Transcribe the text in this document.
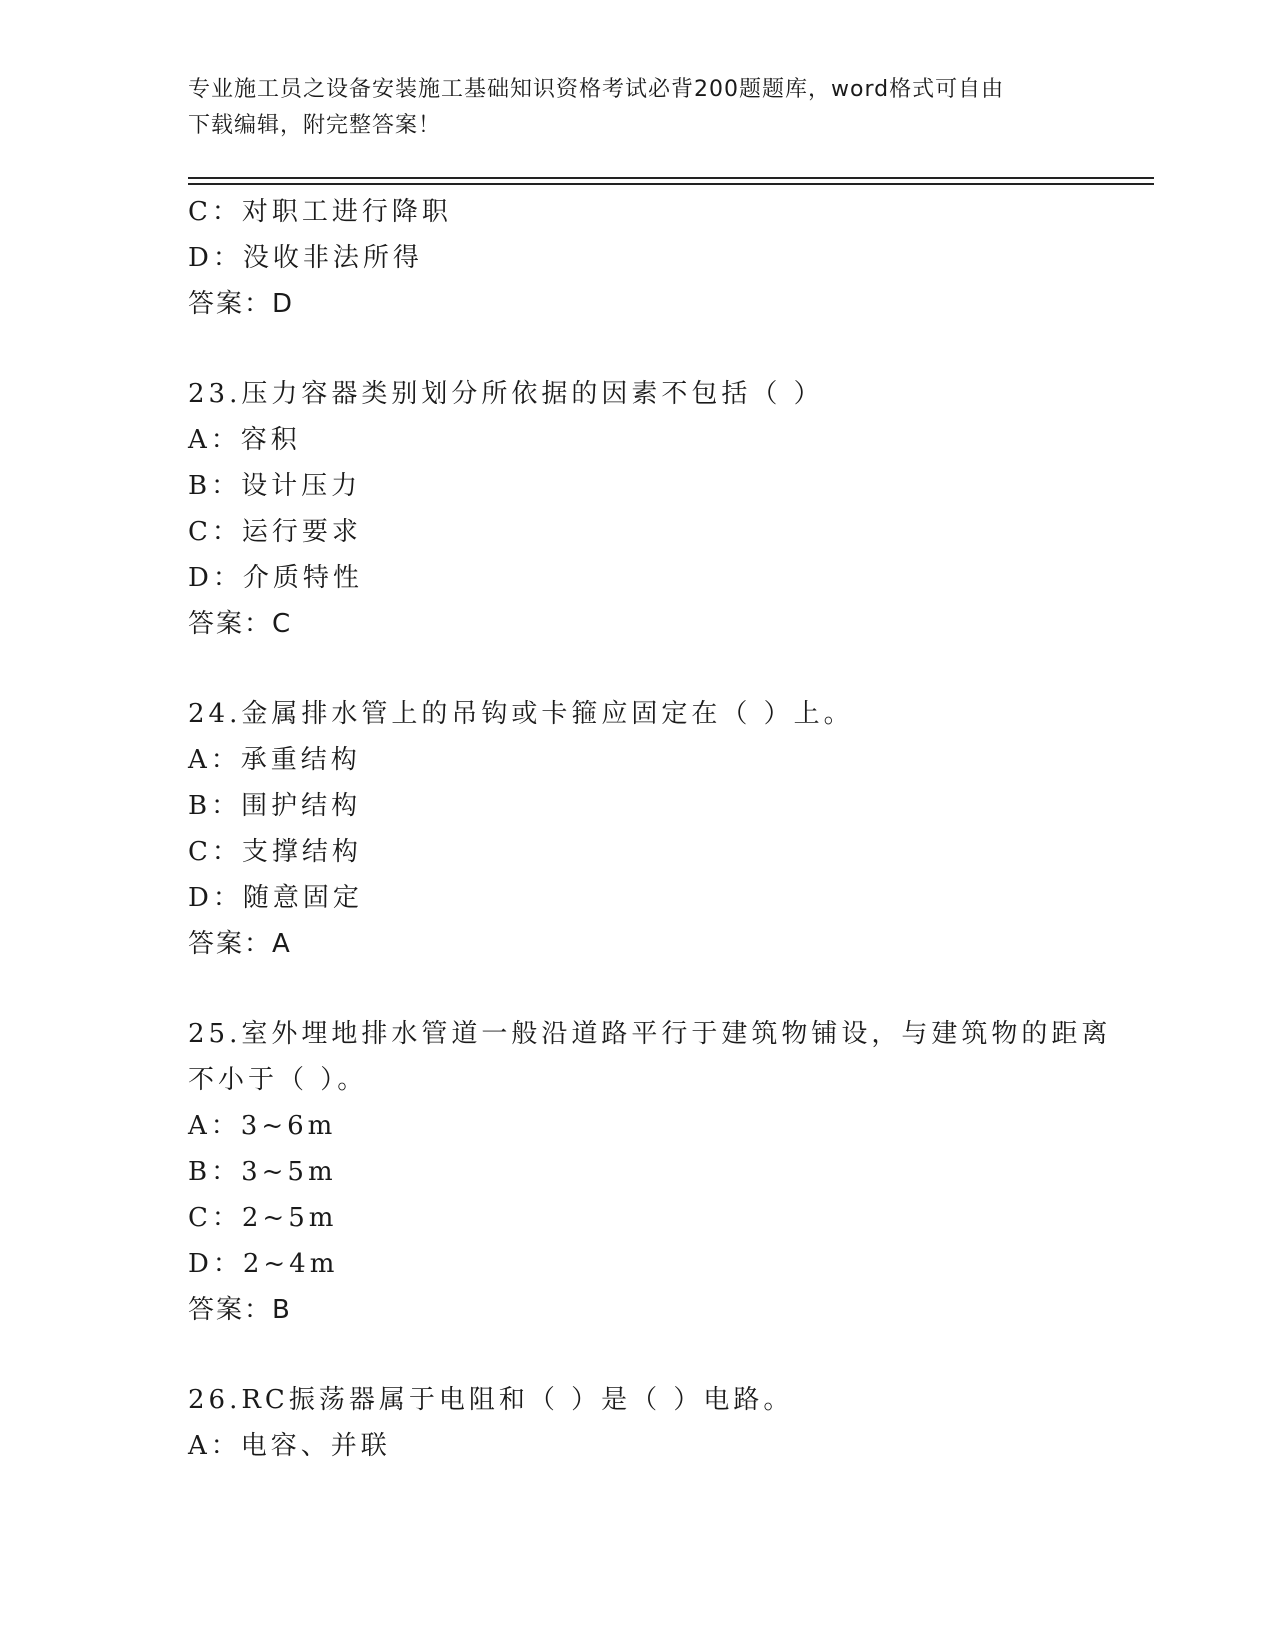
专业施工员之设备安装施工基础知识资格考试必背200题题库，word格式可自由
下载编辑，附完整答案！
C：对职工进行降职
D：没收非法所得
答案：D
23.压力容器类别划分所依据的因素不包括（ ）
A：容积
B：设计压力
C：运行要求
D：介质特性
答案：C
24.金属排水管上的吊钩或卡箍应固定在（ ）上。
A：承重结构
B：围护结构
C：支撑结构
D：随意固定
答案：A
25.室外埋地排水管道一般沿道路平行于建筑物铺设，与建筑物的距离
不小于（ ）。
A：3~6m
B：3~5m
C：2~5m
D：2~4m
答案：B
26.RC振荡器属于电阻和（ ）是（ ）电路。
A：电容、并联
